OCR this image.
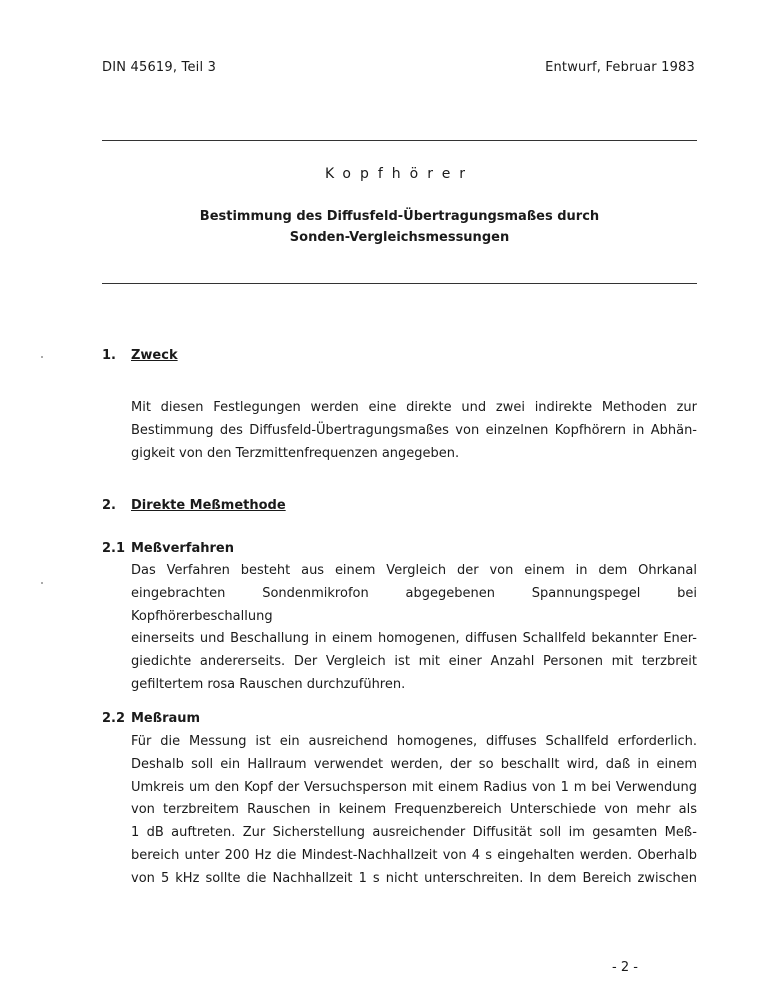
DIN 45619, Teil 3	Entwurf, Februar 1983
Kopfhörer
Bestimmung des Diffusfeld-Übertragungsmaßes durch
Sonden-Vergleichsmessungen
1. Zweck
Mit diesen Festlegungen werden eine direkte und zwei indirekte Methoden zur
Bestimmung des Diffusfeld-Übertragungsmaßes von einzelnen Kopfhörern in Abhän-
gigkeit von den Terzmittenfrequenzen angegeben.
2. Direkte Meßmethode
2.1 Meßverfahren
Das Verfahren besteht aus einem Vergleich der von einem in dem Ohrkanal
eingebrachten Sondenmikrofon abgegebenen Spannungspegel bei Kopfhörerbeschallung
einerseits und Beschallung in einem homogenen, diffusen Schallfeld bekannter Ener-
giedichte andererseits. Der Vergleich ist mit einer Anzahl Personen mit terzbreit
gefiltertem rosa Rauschen durchzuführen.
2.2 Meßraum
Für die Messung ist ein ausreichend homogenes, diffuses Schallfeld erforderlich.
Deshalb soll ein Hallraum verwendet werden, der so beschallt wird, daß in einem
Umkreis um den Kopf der Versuchsperson mit einem Radius von 1 m bei Verwendung
von terzbreitem Rauschen in keinem Frequenzbereich Unterschiede von mehr als
1 dB auftreten. Zur Sicherstellung ausreichender Diffusität soll im gesamten Meß-
bereich unter 200 Hz die Mindest-Nachhallzeit von 4 s eingehalten werden. Oberhalb
von 5 kHz sollte die Nachhallzeit 1 s nicht unterschreiten. In dem Bereich zwischen
- 2 -
